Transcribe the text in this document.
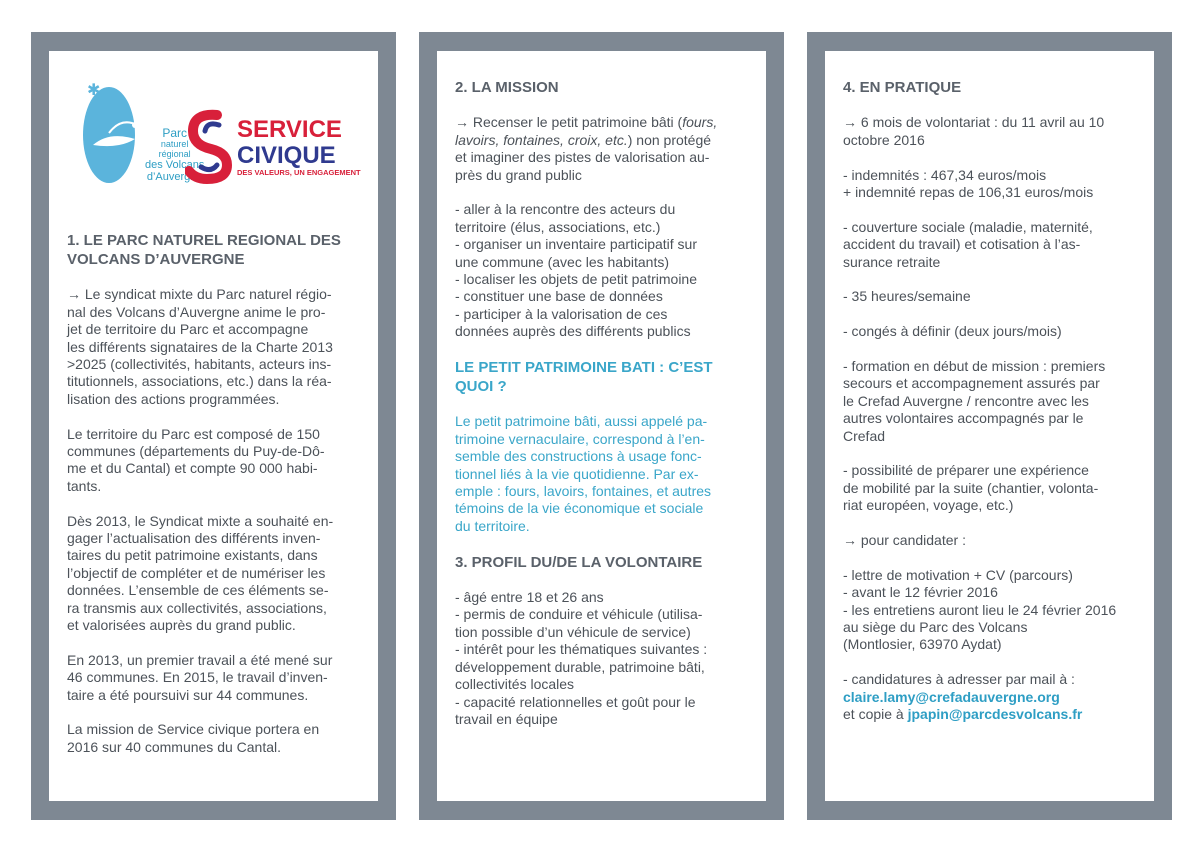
✱
Parc
naturel
régional
des Volcans
d’Auvergne
SERVICE
CIVIQUE
DES VALEURS, UN ENGAGEMENT
1. LE PARC NATUREL REGIONAL DES VOLCANS D’AUVERGNE

→ Le syndicat mixte du Parc naturel régio-

nal des Volcans d’Auvergne anime le pro-

jet de territoire du Parc et accompagne

les différents signataires de la Charte 2013

>2025 (collectivités, habitants, acteurs ins-

titutionnels, associations, etc.) dans la réa-

lisation des actions programmées.

Le territoire du Parc est composé de 150

communes (départements du Puy-de-Dô-

me et du Cantal) et compte 90 000 habi-

tants.

Dès 2013, le Syndicat mixte a souhaité en-

gager l’actualisation des différents inven-

taires du petit patrimoine existants, dans

l’objectif de compléter et de numériser les

données. L’ensemble de ces éléments se-

ra transmis aux collectivités, associations,

et valorisées auprès du grand public.

En 2013, un premier travail a été mené sur

46 communes. En 2015, le travail d’inven-

taire a été poursuivi sur 44 communes.

La mission de Service civique portera en

2016 sur 40 communes du Cantal.

2. LA MISSION

→ Recenser le petit patrimoine bâti (fours,

lavoirs, fontaines, croix, etc.) non protégé

et imaginer des pistes de valorisation au-

près du grand public

- aller à la rencontre des acteurs du

territoire (élus, associations, etc.)

- organiser un inventaire participatif sur

une commune (avec les habitants)

- localiser les objets de petit patrimoine

- constituer une base de données

- participer à la valorisation de ces

données auprès des différents publics

LE PETIT PATRIMOINE BATI : C’EST
QUOI ?

Le petit patrimoine bâti, aussi appelé pa-

trimoine vernaculaire, correspond à l’en-

semble des constructions à usage fonc-

tionnel liés à la vie quotidienne. Par ex-

emple : fours, lavoirs, fontaines, et autres

témoins de la vie économique et sociale

du territoire.

3. PROFIL DU/DE LA VOLONTAIRE

- âgé entre 18 et 26 ans

- permis de conduire et véhicule (utilisa-

tion possible d’un véhicule de service)

- intérêt pour les thématiques suivantes :

développement durable, patrimoine bâti,

collectivités locales

- capacité relationnelles et goût pour le

travail en équipe

4. EN PRATIQUE

→ 6 mois de volontariat : du 11 avril au 10

octobre 2016

- indemnités : 467,34 euros/mois

+ indemnité repas de 106,31 euros/mois

- couverture sociale (maladie, maternité,

accident du travail) et cotisation à l’as-

surance retraite

- 35 heures/semaine

- congés à définir (deux jours/mois)

- formation en début de mission : premiers

secours et accompagnement assurés par

le Crefad Auvergne / rencontre avec les

autres volontaires accompagnés par le

Crefad

- possibilité de préparer une expérience

de mobilité par la suite (chantier, volonta-

riat européen, voyage, etc.)

→ pour candidater :

- lettre de motivation + CV (parcours)

- avant le 12 février 2016

- les entretiens auront lieu le 24 février 2016

au siège du Parc des Volcans

(Montlosier, 63970 Aydat)

- candidatures à adresser par mail à :

claire.lamy@crefadauvergne.org

et copie à jpapin@parcdesvolcans.fr
